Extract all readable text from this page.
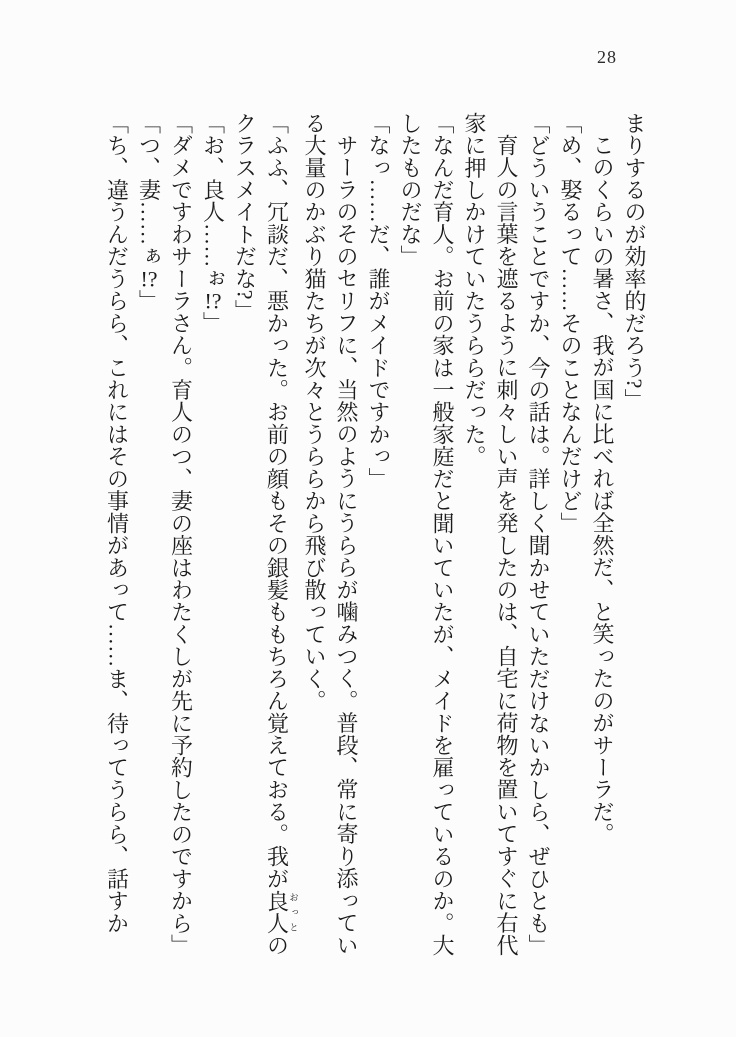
28

まりするのが効率的だろう?」

このくらいの暑さ、我が国に比べれば全然だ、と笑ったのがサーラだ。

「め、娶るって……そのことなんだけど」

「どういうことですか、今の話は。詳しく聞かせていただけないかしら、ぜひとも」

育人の言葉を遮るように刺々しい声を発したのは、自宅に荷物を置いてすぐに右代家に押しかけていたうららだった。

「なんだ育人。お前の家は一般家庭だと聞いていたが、メイドを雇っているのか。大したものだな」

「なっ……だ、誰がメイドですかっ」

サーラのそのセリフに、当然のようにうららが噛みつく。普段、常に寄り添っている大量のかぶり猫たちが次々とうららから飛び散っていく。

「ふふ、冗談だ、悪かった。お前の顔もその銀髪ももちろん覚えておる。我が良人おっとのクラスメイトだな?」

「お、良人……ぉ!?」

「ダメですわサーラさん。育人のつ、妻の座はわたくしが先に予約したのですから」

「つ、妻……ぁ!?」

「ち、違うんだうらら、これにはその事情があって……ま、待ってうらら、話すか
